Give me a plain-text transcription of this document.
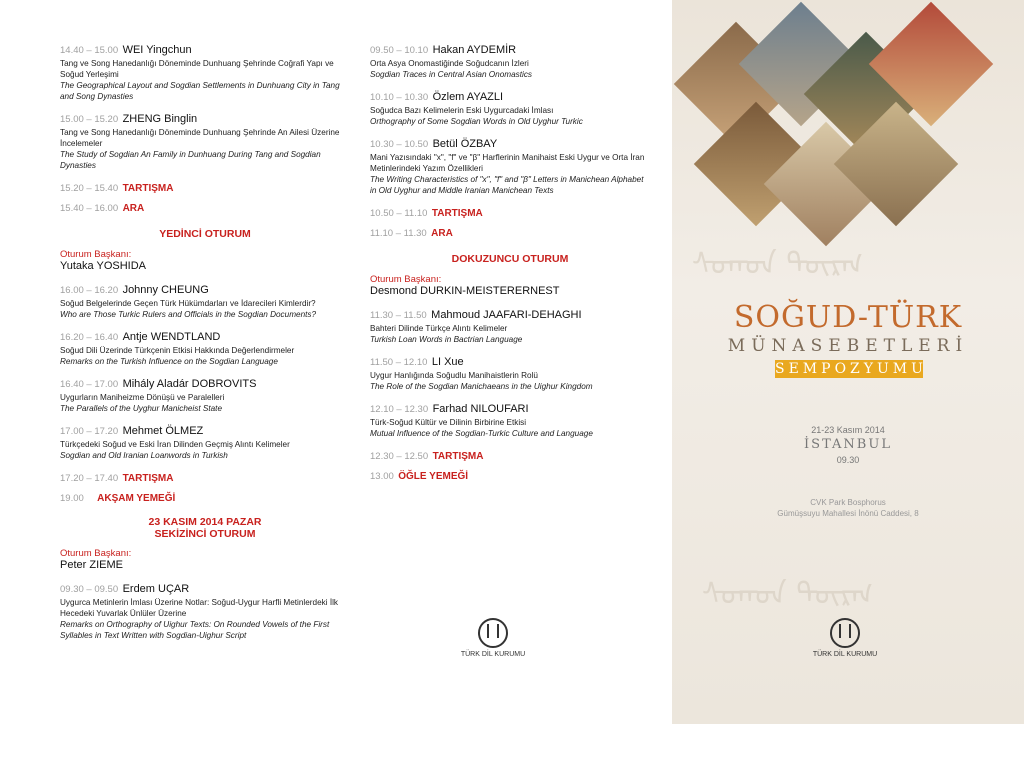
14.40 – 15.00 WEI Yingchun
Tang ve Song Hanedanlığı Döneminde Dunhuang Şehrinde Coğrafi Yapı ve Soğud Yerleşimi
The Geographical Layout and Sogdian Settlements in Dunhuang City in Tang and Song Dynasties
15.00 – 15.20 ZHENG Binglin
Tang ve Song Hanedanlığı Döneminde Dunhuang Şehrinde An Ailesi Üzerine İncelemeler
The Study of Sogdian An Family in Dunhuang During Tang and Sogdian Dynasties
15.20 – 15.40 TARTIŞMA
15.40 – 16.00 ARA
YEDİNCİ OTURUM
Oturum Başkanı:
Yutaka YOSHIDA
16.00 – 16.20 Johnny CHEUNG
Soğud Belgelerinde Geçen Türk Hükümdarları ve İdarecileri Kimlerdir?
Who are Those Turkic Rulers and Officials in the Sogdian Documents?
16.20 – 16.40 Antje WENDTLAND
Soğud Dili Üzerinde Türkçenin Etkisi Hakkında Değerlendirmeler
Remarks on the Turkish Influence on the Sogdian Language
16.40 – 17.00 Mihály Aladár DOBROVITS
Uygurların Maniheizme Dönüşü ve Paralelleri
The Parallels of the Uyghur Manicheist State
17.00 – 17.20 Mehmet ÖLMEZ
Türkçedeki Soğud ve Eski İran Dilinden Geçmiş Alıntı Kelimeler
Sogdian and Old Iranian Loanwords in Turkish
17.20 – 17.40 TARTIŞMA
19.00 AKŞAM YEMEĞİ
23 KASIM 2014 PAZAR
SEKİZİNCİ OTURUM
Oturum Başkanı:
Peter ZIEME
09.30 – 09.50 Erdem UÇAR
Uygurca Metinlerin İmlası Üzerine Notlar: Soğud-Uygur Harfli Metinlerdeki İlk Hecedeki Yuvarlak Ünlüler Üzerine
Remarks on Orthography of Uighur Texts: On Rounded Vowels of the First Syllables in Text Written with Sogdian-Uighur Script
09.50 – 10.10 Hakan AYDEMİR
Orta Asya Onomastiğinde Soğudcanın İzleri
Sogdian Traces in Central Asian Onomastics
10.10 – 10.30 Özlem AYAZLI
Soğudca Bazı Kelimelerin Eski Uygurcadaki İmlası
Orthography of Some Sogdian Words in Old Uyghur Turkic
10.30 – 10.50 Betül ÖZBAY
Mani Yazısındaki "x", "f" ve "β" Harflerinin Manihaist Eski Uygur ve Orta İran Metinlerindeki Yazım Özellikleri
The Writing Characteristics of "x", "f" and "β" Letters in Manichean Alphabet in Old Uyghur and Middle Iranian Manichean Texts
10.50 – 11.10 TARTIŞMA
11.10 – 11.30 ARA
DOKUZUNCU OTURUM
Oturum Başkanı:
Desmond DURKIN-MEISTERERNEST
11.30 – 11.50 Mahmoud JAAFARI-DEHAGHI
Bahteri Dilinde Türkçe Alıntı Kelimeler
Turkish Loan Words in Bactrian Language
11.50 – 12.10 LI Xue
Uygur Hanlığında Soğudlu Manihaistlerin Rolü
The Role of the Sogdian Manichaeans in the Uighur Kingdom
12.10 – 12.30 Farhad NILOUFARI
Türk-Soğud Kültür ve Dilinin Birbirine Etkisi
Mutual Influence of the Sogdian-Turkic Culture and Language
12.30 – 12.50 TARTIŞMA
13.00 ÖĞLE YEMEĞİ
TÜRK DİL KURUMU
ᠰᠣᠭᠳ ᠲᠦᠷᠬ
ᠰᠣᠭᠳ ᠲᠦᠷᠬ
SOĞUD-TÜRK
MÜNASEBETLERİ
SEMPOZYUMU
21-23 Kasım 2014
İSTANBUL
09.30
CVK Park Bosphorus
Gümüşsuyu Mahallesi İnönü Caddesi, 8
TÜRK DİL KURUMU
